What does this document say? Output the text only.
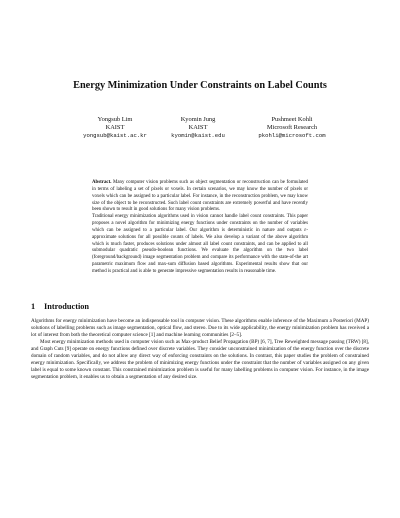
Energy Minimization Under Constraints on Label Counts
Yongsub Lim
KAIST
yongsub@kaist.ac.kr
Kyomin Jung
KAIST
kyomin@kaist.edu
Pushmeet Kohli
Microsoft Research
pkohli@microsoft.com

Abstract. Many computer vision problems such as object segmentation or reconstruction can be formulated in terms of labeling a set of pixels or voxels. In certain scenarios, we may know the number of pixels or voxels which can be assigned to a particular label. For instance, in the reconstruction problem, we may know size of the object to be reconstructed. Such label count constraints are extremely powerful and have recently been shown to result in good solutions for many vision problems.

Traditional energy minimization algorithms used in vision cannot handle label count constraints. This paper proposes a novel algorithm for minimizing energy functions under constraints on the number of variables which can be assigned to a particular label. Our algorithm is deterministic in nature and outputs ε-approximate solutions for all possible counts of labels. We also develop a variant of the above algorithm which is much faster, produces solutions under almost all label count constraints, and can be applied to all submodular quadratic pseudo-boolean functions. We evaluate the algorithm on the two label (foreground/background) image segmentation problem and compare its performance with the state-of-the art parametric maximum flow and max-sum diffusion based algorithms. Experimental results show that our method is practical and is able to generate impressive segmentation results in reasonable time.

1 Introduction

Algorithms for energy minimization have become an indispensable tool in computer vision. These algorithms enable inference of the Maximum a Posteriori (MAP) solutions of labelling problems such as image segmentation, optical flow, and stereo. Due to its wide applicability, the energy minimization problem has received a lot of interest from both the theoretical computer science [1] and machine learning communities [2–5].

Most energy minimization methods used in computer vision such as Max-product Belief Propagation (BP) [6, 7], Tree Reweighted message passing (TRW) [8], and Graph Cuts [9] operate on energy functions defined over discrete variables. They consider unconstrained minimization of the energy function over the discrete domain of random variables, and do not allow any direct way of enforcing constraints on the solutions. In contrast, this paper studies the problem of constrained energy minimization. Specifically, we address the problem of minimizing energy functions under the constraint that the number of variables assigned on any given label is equal to some known constant. This constrained minimization problem is useful for many labelling problems in computer vision. For instance, in the image segmentation problem, it enables us to obtain a segmentation of any desired size.
